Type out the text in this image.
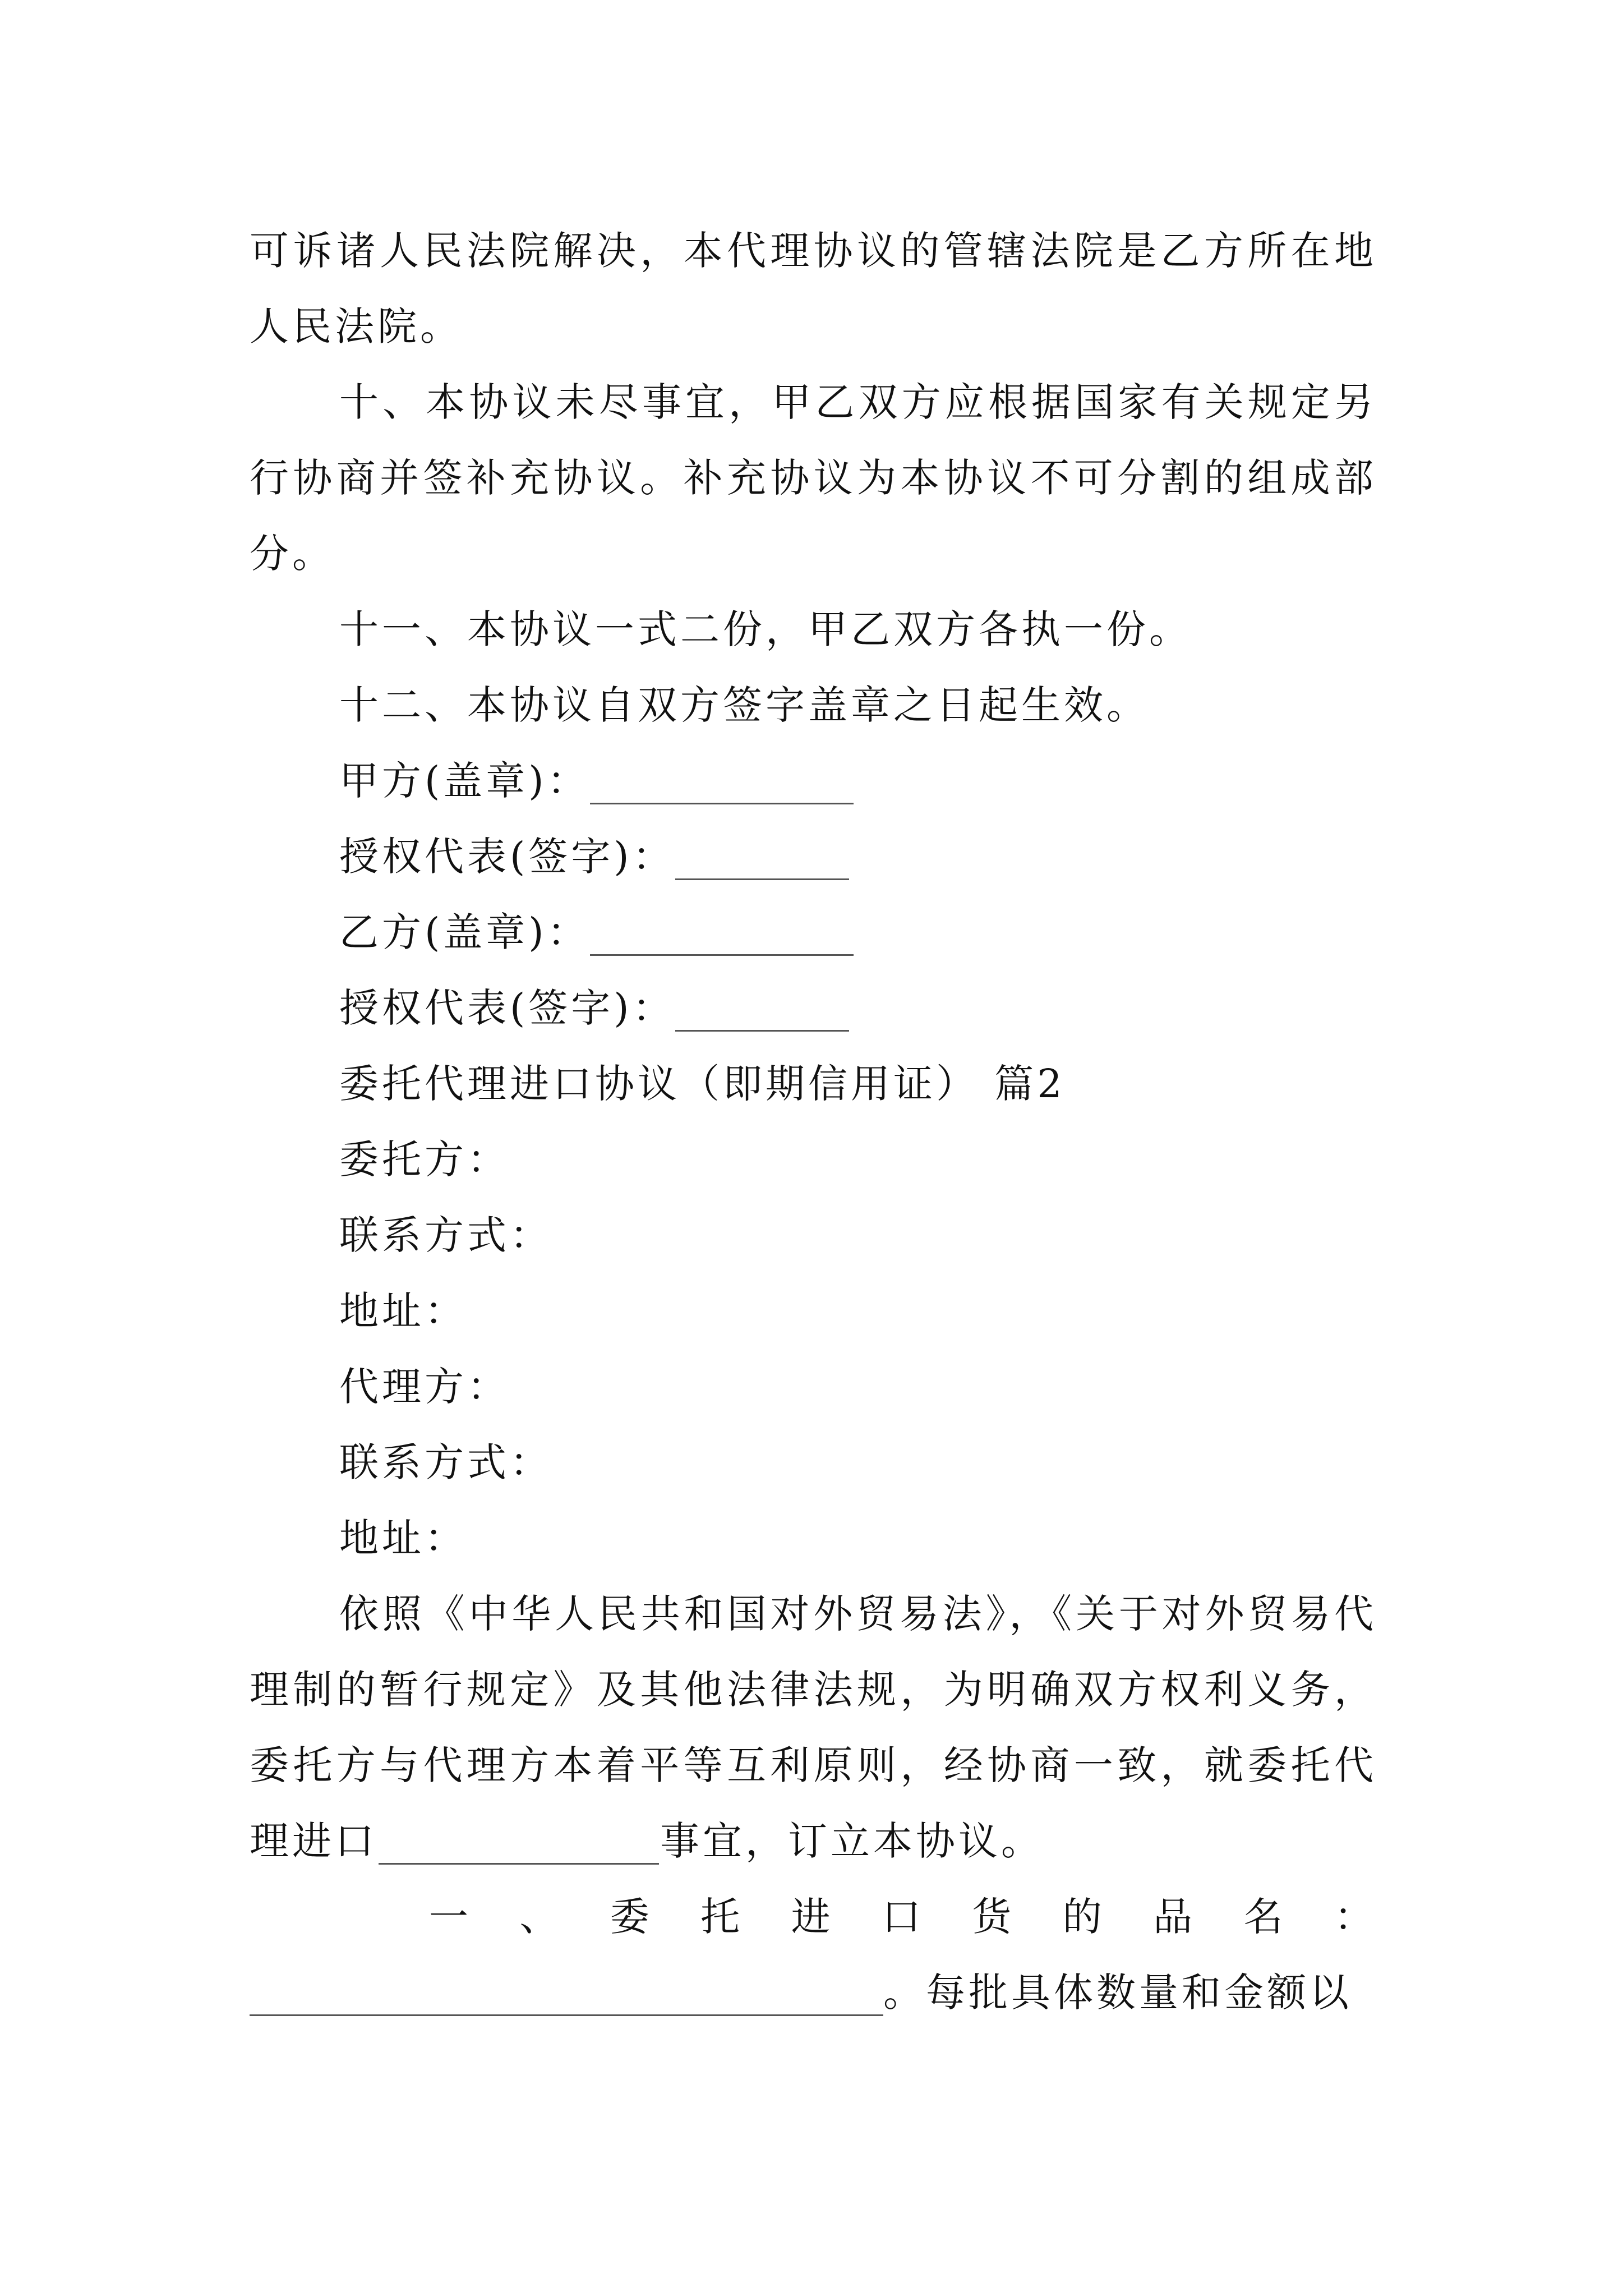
可诉诸人民法院解决，本代理协议的管辖法院是乙方所在地人民法院。

十、本协议未尽事宜，甲乙双方应根据国家有关规定另行协商并签补充协议。补充协议为本协议不可分割的组成部分。

十一、本协议一式二份，甲乙双方各执一份。

十二、本协议自双方签字盖章之日起生效。

甲方(盖章)：

授权代表(签字)：

乙方(盖章)：

授权代表(签字)：

委托代理进口协议（即期信用证） 篇2

委托方：

联系方式：

地址：

代理方：

联系方式：

地址：

依照《中华人民共和国对外贸易法》，《关于对外贸易代理制的暂行规定》及其他法律法规，为明确双方权利义务，委托方与代理方本着平等互利原则，经协商一致，就委托代理进口	事宜，订立本协议。

一 、 委 托 进 口 货 的 品 名 ：

。每批具体数量和金额以
